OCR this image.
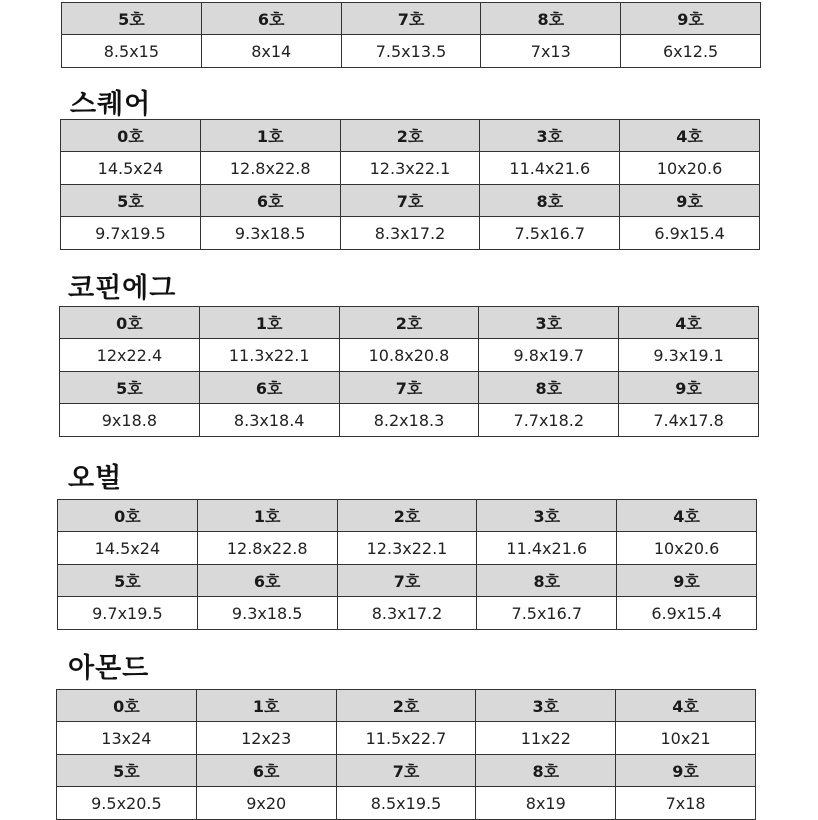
5호	6호	7호	8호	9호
8.5x15	8x14	7.5x13.5	7x13	6x12.5
스퀘어
0호	1호	2호	3호	4호
14.5x24	12.8x22.8	12.3x22.1	11.4x21.6	10x20.6
5호	6호	7호	8호	9호
9.7x19.5	9.3x18.5	8.3x17.2	7.5x16.7	6.9x15.4
코핀에그
0호	1호	2호	3호	4호
12x22.4	11.3x22.1	10.8x20.8	9.8x19.7	9.3x19.1
5호	6호	7호	8호	9호
9x18.8	8.3x18.4	8.2x18.3	7.7x18.2	7.4x17.8
오벌
0호	1호	2호	3호	4호
14.5x24	12.8x22.8	12.3x22.1	11.4x21.6	10x20.6
5호	6호	7호	8호	9호
9.7x19.5	9.3x18.5	8.3x17.2	7.5x16.7	6.9x15.4
아몬드
0호	1호	2호	3호	4호
13x24	12x23	11.5x22.7	11x22	10x21
5호	6호	7호	8호	9호
9.5x20.5	9x20	8.5x19.5	8x19	7x18
